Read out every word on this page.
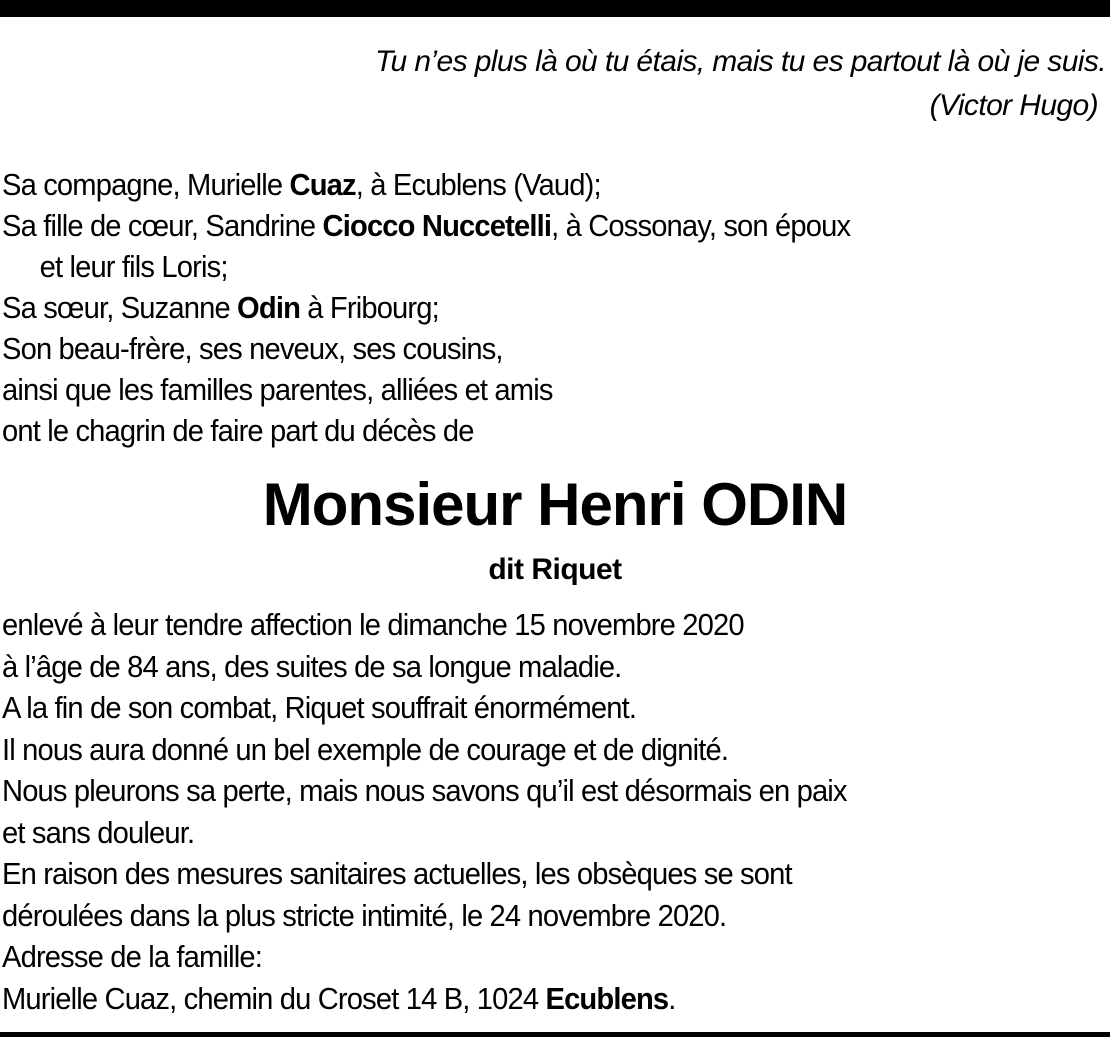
Tu n’es plus là où tu étais, mais tu es partout là où je suis.
(Victor Hugo)
Sa compagne, Murielle Cuaz, à Ecublens (Vaud);
Sa fille de cœur, Sandrine Ciocco Nuccetelli, à Cossonay, son époux
et leur fils Loris;
Sa sœur, Suzanne Odin à Fribourg;
Son beau-frère, ses neveux, ses cousins,
ainsi que les familles parentes, alliées et amis
ont le chagrin de faire part du décès de
Monsieur Henri ODIN
dit Riquet
enlevé à leur tendre affection le dimanche 15 novembre 2020
à l’âge de 84 ans, des suites de sa longue maladie.
A la fin de son combat, Riquet souffrait énormément.
Il nous aura donné un bel exemple de courage et de dignité.
Nous pleurons sa perte, mais nous savons qu’il est désormais en paix
et sans douleur.
En raison des mesures sanitaires actuelles, les obsèques se sont
déroulées dans la plus stricte intimité, le 24 novembre 2020.
Adresse de la famille:
Murielle Cuaz, chemin du Croset 14 B, 1024 Ecublens.
